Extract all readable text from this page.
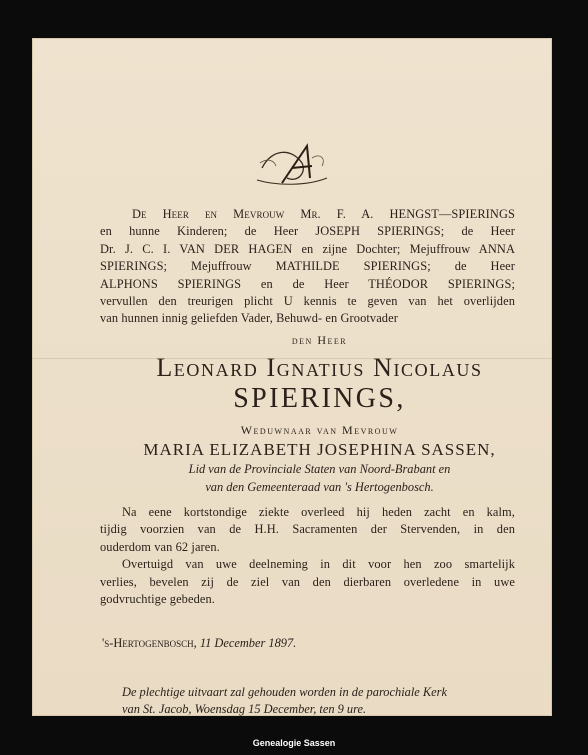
De Heer en Mevrouw Mr. F. A. HENGST—SPIERINGS
en hunne Kinderen; de Heer JOSEPH SPIERINGS; de Heer
Dr. J. C. I. VAN DER HAGEN en zijne Dochter; Mejuffrouw ANNA
SPIERINGS; Mejuffrouw MATHILDE SPIERINGS; de Heer
ALPHONS SPIERINGS en de Heer THÉODOR SPIERINGS;
vervullen den treurigen plicht U kennis te geven van het overlijden
van hunnen innig geliefden Vader, Behuwd- en Grootvader
den Heer
Leonard Ignatius Nicolaus
SPIERINGS,
Weduwnaar van Mevrouw
MARIA ELIZABETH JOSEPHINA SASSEN,
Lid van de Provinciale Staten van Noord-Brabant en
van den Gemeenteraad van 's Hertogenbosch.
Na eene kortstondige ziekte overleed hij heden zacht en kalm,
tijdig voorzien van de H.H. Sacramenten der Stervenden, in den
ouderdom van 62 jaren.
Overtuigd van uwe deelneming in dit voor hen zoo smartelijk
verlies, bevelen zij de ziel van den dierbaren overledene in uwe
godvruchtige gebeden.
's-Hertogenbosch, 11 December 1897.
De plechtige uitvaart zal gehouden worden in de parochiale Kerk
van St. Jacob, Woensdag 15 December, ten 9 ure.
Genealogie Sassen
